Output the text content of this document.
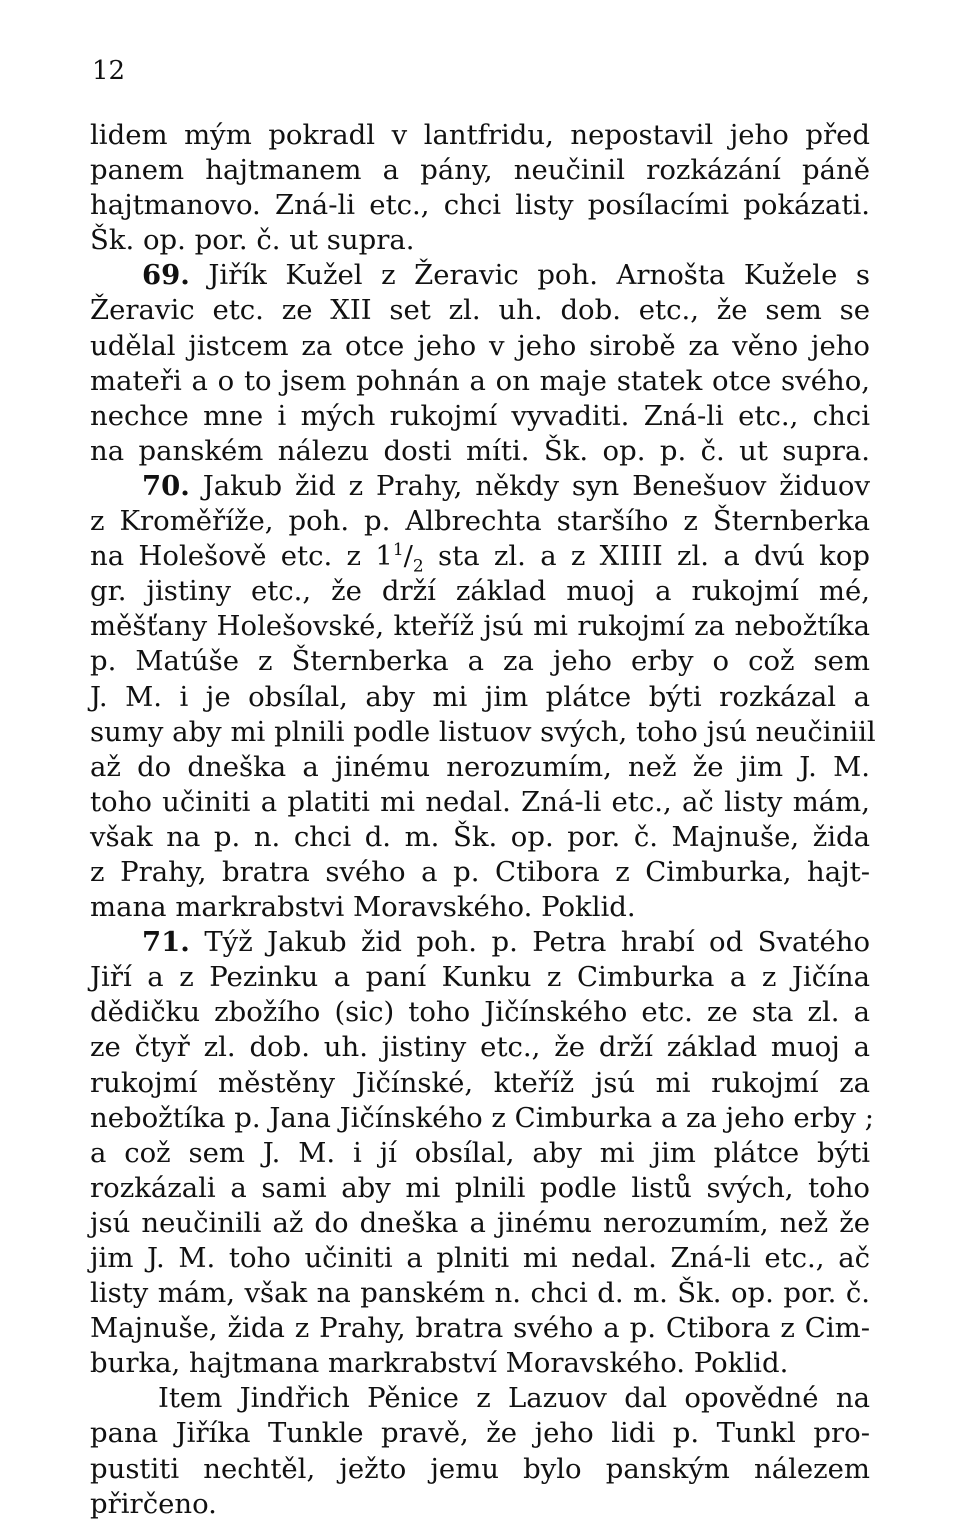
12
lidem mým pokradl v lantfridu, nepostavil jeho před
panem hajtmanem a pány, neučinil rozkázání páně
hajtmanovo. Zná-li etc., chci listy posílacími pokázati.
Šk. op. por. č. ut supra.
69. Jiřík Kužel z Žeravic poh. Arnošta Kužele s
Žeravic etc. ze XII set zl. uh. dob. etc., že sem se
udělal jistcem za otce jeho v jeho sirobě za věno jeho
mateři a o to jsem pohnán a on maje statek otce svého,
nechce mne i mých rukojmí vyvaditi. Zná-li etc., chci
na panském nálezu dosti míti. Šk. op. p. č. ut supra.
70. Jakub žid z Prahy, někdy syn Benešuov židuov
z Kroměříže, poh. p. Albrechta staršího z Šternberka
na Holešově etc. z $1^1/_2$ sta zl. a z XIIII zl. a dvú kop
gr. jistiny etc., že drží základ muoj a rukojmí mé,
měšťany Holešovské, kteříž jsú mi rukojmí za nebožtíka
p. Matúše z Šternberka a za jeho erby o což sem
J. M. i je obsílal, aby mi jim plátce býti rozkázal a
sumy aby mi plnili podle listuov svých, toho jsú neučiniil
až do dneška a jinému nerozumím, než že jim J. M.
toho učiniti a platiti mi nedal. Zná-li etc., ač listy mám,
však na p. n. chci d. m. Šk. op. por. č. Majnuše, žida
z Prahy, bratra svého a p. Ctibora z Cimburka, hajt-
mana markrabstvi Moravského. Poklid.
71. Týž Jakub žid poh. p. Petra hrabí od Svatého
Jiří a z Pezinku a paní Kunku z Cimburka a z Jičína
dědičku zbožího (sic) toho Jičínského etc. ze sta zl. a
ze čtyř zl. dob. uh. jistiny etc., že drží základ muoj a
rukojmí městěny Jičínské, kteříž jsú mi rukojmí za
nebožtíka p. Jana Jičínského z Cimburka a za jeho erby ;
a což sem J. M. i jí obsílal, aby mi jim plátce býti
rozkázali a sami aby mi plnili podle listů svých, toho
jsú neučinili až do dneška a jinému nerozumím, než že
jim J. M. toho učiniti a plniti mi nedal. Zná-li etc., ač
listy mám, však na panském n. chci d. m. Šk. op. por. č.
Majnuše, žida z Prahy, bratra svého a p. Ctibora z Cim-
burka, hajtmana markrabství Moravského. Poklid.
Item Jindřich Pěnice z Lazuov dal opovědné na
pana Jiříka Tunkle pravě, že jeho lidi p. Tunkl pro-
pustiti nechtěl, ježto jemu bylo panským nálezem
přirčeno.
